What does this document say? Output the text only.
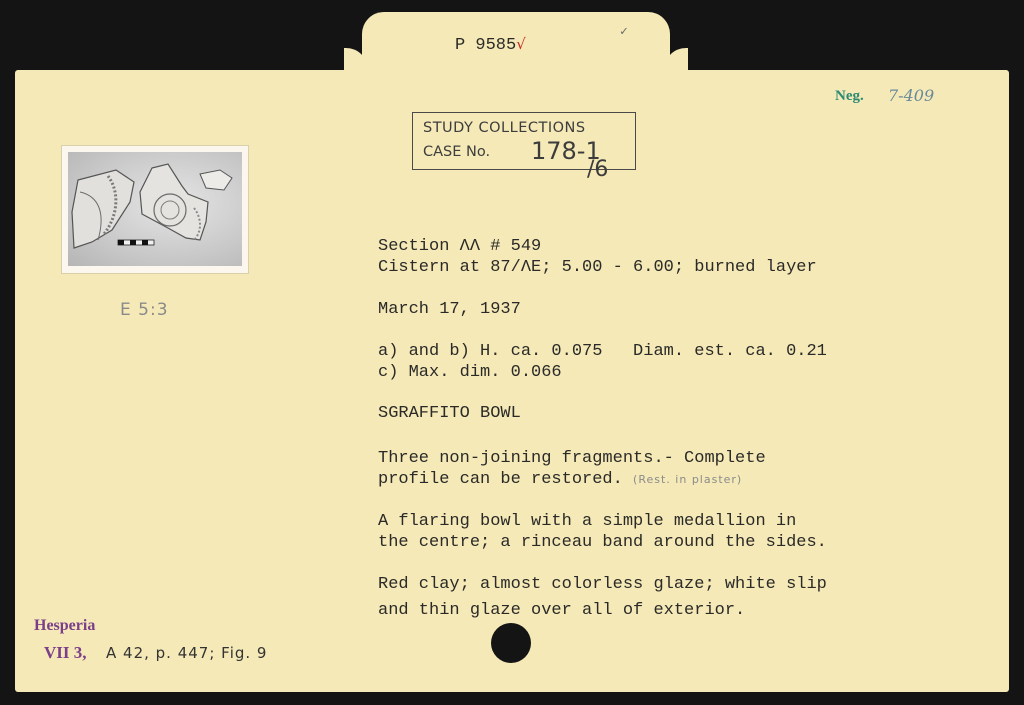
P 9585√
✓
Neg. 7-409
STUDY COLLECTIONS
CASE No. 178-1
/6
E 5:3
Section ΛΛ # 549
Cistern at 87/ΛE; 5.00 - 6.00; burned layer
March 17, 1937
a) and b) H. ca. 0.075   Diam. est. ca. 0.21
c) Max. dim. 0.066
SGRAFFITO BOWL
Three non-joining fragments.- Complete
profile can be restored. (Rest. in plaster)
A flaring bowl with a simple medallion in
the centre; a rinceau band around the sides.
Red clay; almost colorless glaze; white slip
and thin glaze over all of exterior.
Hesperia
VII 3, A 42, p. 447; Fig. 9
